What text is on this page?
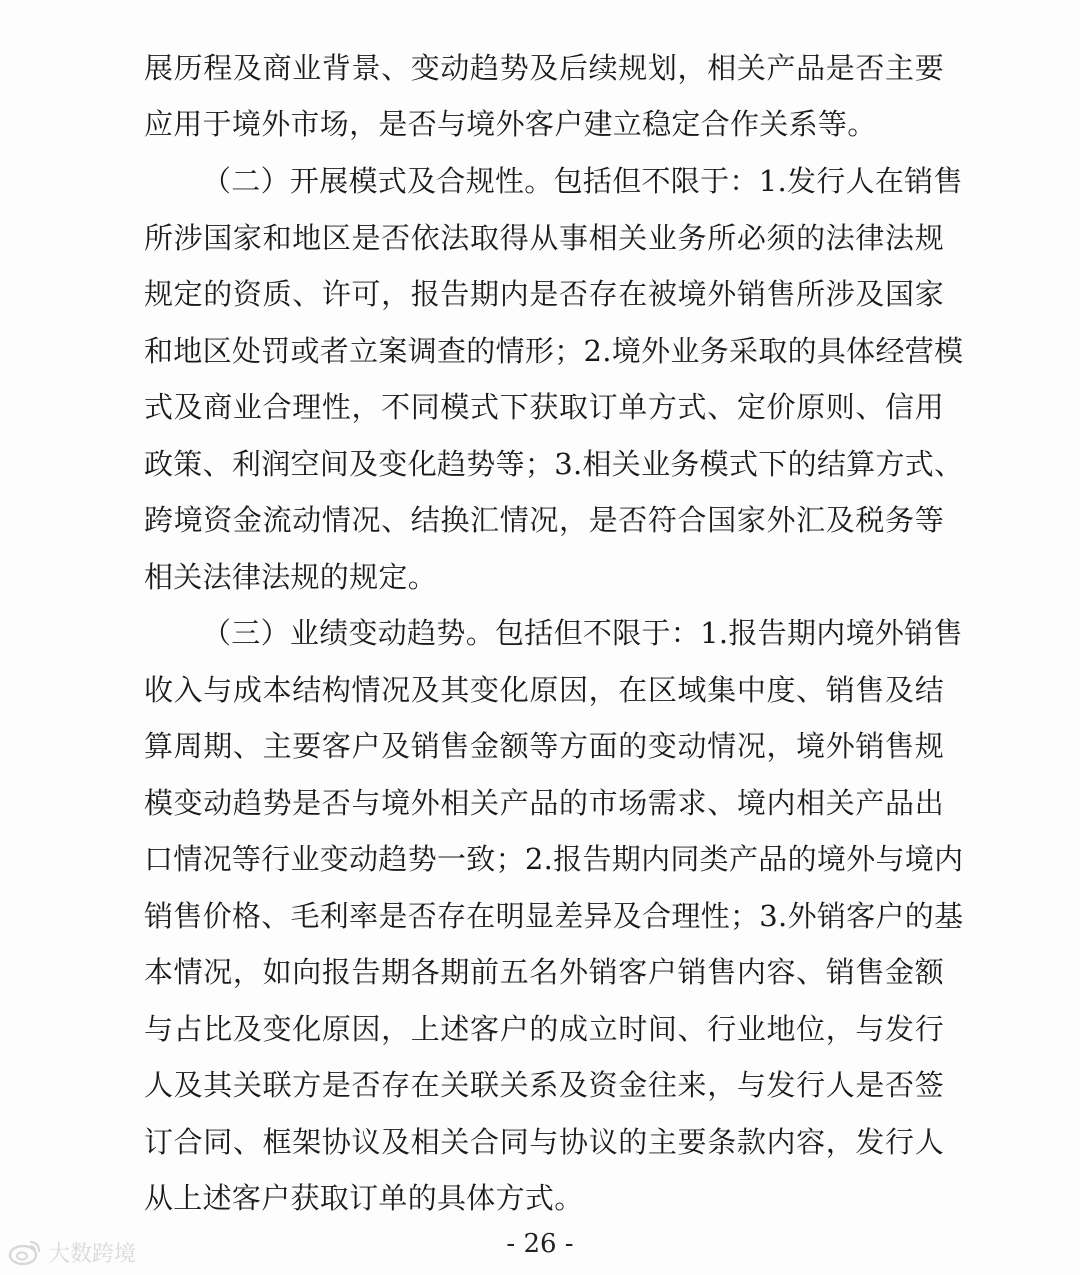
展历程及商业背景、变动趋势及后续规划，相关产品是否主要
应用于境外市场，是否与境外客户建立稳定合作关系等。
（二）开展模式及合规性。包括但不限于：1.发行人在销售
所涉国家和地区是否依法取得从事相关业务所必须的法律法规
规定的资质、许可，报告期内是否存在被境外销售所涉及国家
和地区处罚或者立案调查的情形；2.境外业务采取的具体经营模
式及商业合理性，不同模式下获取订单方式、定价原则、信用
政策、利润空间及变化趋势等；3.相关业务模式下的结算方式、
跨境资金流动情况、结换汇情况，是否符合国家外汇及税务等
相关法律法规的规定。
（三）业绩变动趋势。包括但不限于：1.报告期内境外销售
收入与成本结构情况及其变化原因，在区域集中度、销售及结
算周期、主要客户及销售金额等方面的变动情况，境外销售规
模变动趋势是否与境外相关产品的市场需求、境内相关产品出
口情况等行业变动趋势一致；2.报告期内同类产品的境外与境内
销售价格、毛利率是否存在明显差异及合理性；3.外销客户的基
本情况，如向报告期各期前五名外销客户销售内容、销售金额
与占比及变化原因，上述客户的成立时间、行业地位，与发行
人及其关联方是否存在关联关系及资金往来，与发行人是否签
订合同、框架协议及相关合同与协议的主要条款内容，发行人
从上述客户获取订单的具体方式。
- 26 -
大数跨境
